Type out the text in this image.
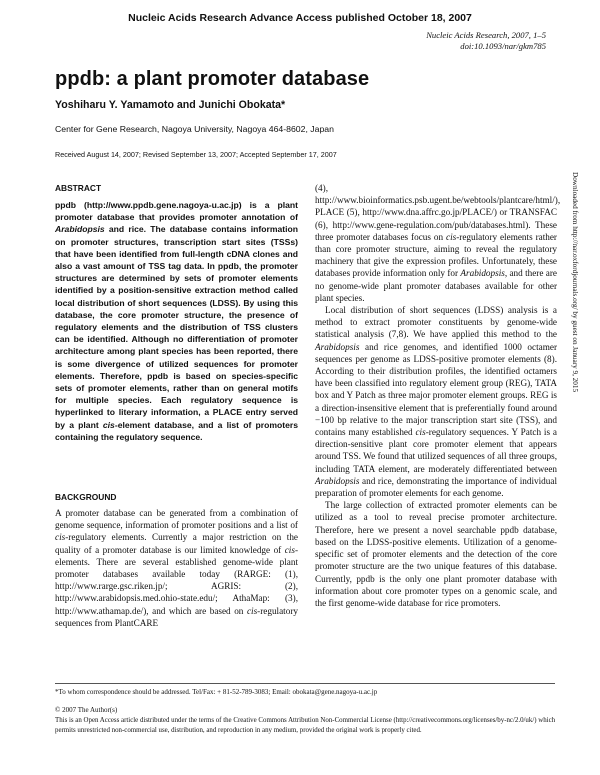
Nucleic Acids Research Advance Access published October 18, 2007
Nucleic Acids Research, 2007, 1–5
doi:10.1093/nar/gkm785
ppdb: a plant promoter database
Yoshiharu Y. Yamamoto and Junichi Obokata*
Center for Gene Research, Nagoya University, Nagoya 464-8602, Japan
Received August 14, 2007; Revised September 13, 2007; Accepted September 17, 2007
ABSTRACT
ppdb (http://www.ppdb.gene.nagoya-u.ac.jp) is a plant promoter database that provides promoter annotation of Arabidopsis and rice. The database contains information on promoter structures, transcription start sites (TSSs) that have been identified from full-length cDNA clones and also a vast amount of TSS tag data. In ppdb, the promoter structures are determined by sets of promoter elements identified by a position-sensitive extraction method called local distribution of short sequences (LDSS). By using this database, the core promoter structure, the presence of regulatory elements and the distribution of TSS clusters can be identified. Although no differentiation of promoter architecture among plant species has been reported, there is some divergence of utilized sequences for promoter elements. Therefore, ppdb is based on species-specific sets of promoter elements, rather than on general motifs for multiple species. Each regulatory sequence is hyperlinked to literary information, a PLACE entry served by a plant cis-element database, and a list of promoters containing the regulatory sequence.
BACKGROUND
A promoter database can be generated from a combination of genome sequence, information of promoter positions and a list of cis-regulatory elements. Currently a major restriction on the quality of a promoter database is our limited knowledge of cis-elements. There are several established genome-wide plant promoter databases available today (RARGE: (1), http://www.rarge.gsc.riken.jp/; AGRIS: (2), http://www.arabidopsis.med.ohio-state.edu/; AthaMap: (3), http://www.athamap.de/), and which are based on cis-regulatory sequences from PlantCARE

(4), http://www.bioinformatics.psb.ugent.be/webtools/plantcare/html/), PLACE (5), http://www.dna.affrc.go.jp/PLACE/) or TRANSFAC (6), http://www.gene-regulation.com/pub/databases.html). These three promoter databases focus on cis-regulatory elements rather than core promoter structure, aiming to reveal the regulatory machinery that give the expression profiles. Unfortunately, these databases provide information only for Arabidopsis, and there are no genome-wide plant promoter databases available for other plant species.

Local distribution of short sequences (LDSS) analysis is a method to extract promoter constituents by genome-wide statistical analysis (7,8). We have applied this method to the Arabidopsis and rice genomes, and identified 1000 octamer sequences per genome as LDSS-positive promoter elements (8). According to their distribution profiles, the identified octamers have been classified into regulatory element group (REG), TATA box and Y Patch as three major promoter element groups. REG is a direction-insensitive element that is preferentially found around −100 bp relative to the major transcription start site (TSS), and contains many established cis-regulatory sequences. Y Patch is a direction-sensitive plant core promoter element that appears around TSS. We found that utilized sequences of all three groups, including TATA element, are moderately differentiated between Arabidopsis and rice, demonstrating the importance of individual preparation of promoter elements for each genome.

The large collection of extracted promoter elements can be utilized as a tool to reveal precise promoter architecture. Therefore, here we present a novel searchable ppdb database, based on the LDSS-positive elements. Utilization of a genome-specific set of promoter elements and the detection of the core promoter structure are the two unique features of this database. Currently, ppdb is the only one plant promoter database with information about core promoter types on a genomic scale, and the first genome-wide database for rice promoters.

Downloaded from http://nar.oxfordjournals.org/ by guest on January 9, 2015
*To whom correspondence should be addressed. Tel/Fax: + 81-52-789-3083; Email: obokata@gene.nagoya-u.ac.jp
© 2007 The Author(s)
This is an Open Access article distributed under the terms of the Creative Commons Attribution Non-Commercial License (http://creativecommons.org/licenses/by-nc/2.0/uk/) which permits unrestricted non-commercial use, distribution, and reproduction in any medium, provided the original work is properly cited.
